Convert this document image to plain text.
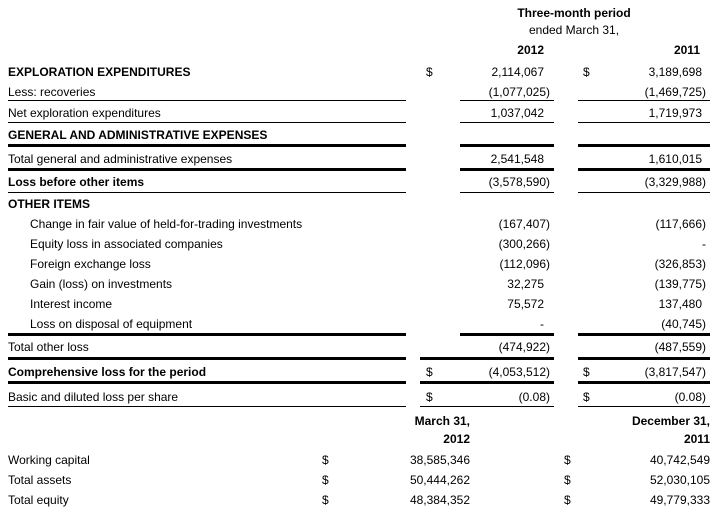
Three-month period
ended March 31,
2012	2011
EXPLORATION EXPENDITURES	$	2,114,067	$	3,189,698
Less: recoveries	(1,077,025)	(1,469,725)
Net exploration expenditures	1,037,042	1,719,973
GENERAL AND ADMINISTRATIVE EXPENSES
Total general and administrative expenses	2,541,548	1,610,015
Loss before other items	(3,578,590)	(3,329,988)
OTHER ITEMS
Change in fair value of held-for-trading investments	(167,407)	(117,666)
Equity loss in associated companies	(300,266)	-
Foreign exchange loss	(112,096)	(326,853)
Gain (loss) on investments	32,275	(139,775)
Interest income	75,572	137,480
Loss on disposal of equipment	-	(40,745)
Total other loss	(474,922)	(487,559)
Comprehensive loss for the period	$	(4,053,512)	$	(3,817,547)
Basic and diluted loss per share	$	(0.08)	$	(0.08)
March 31,
2012
December 31,
2011
Working capital	$	38,585,346	$	40,742,549
Total assets	$	50,444,262	$	52,030,105
Total equity	$	48,384,352	$	49,779,333
